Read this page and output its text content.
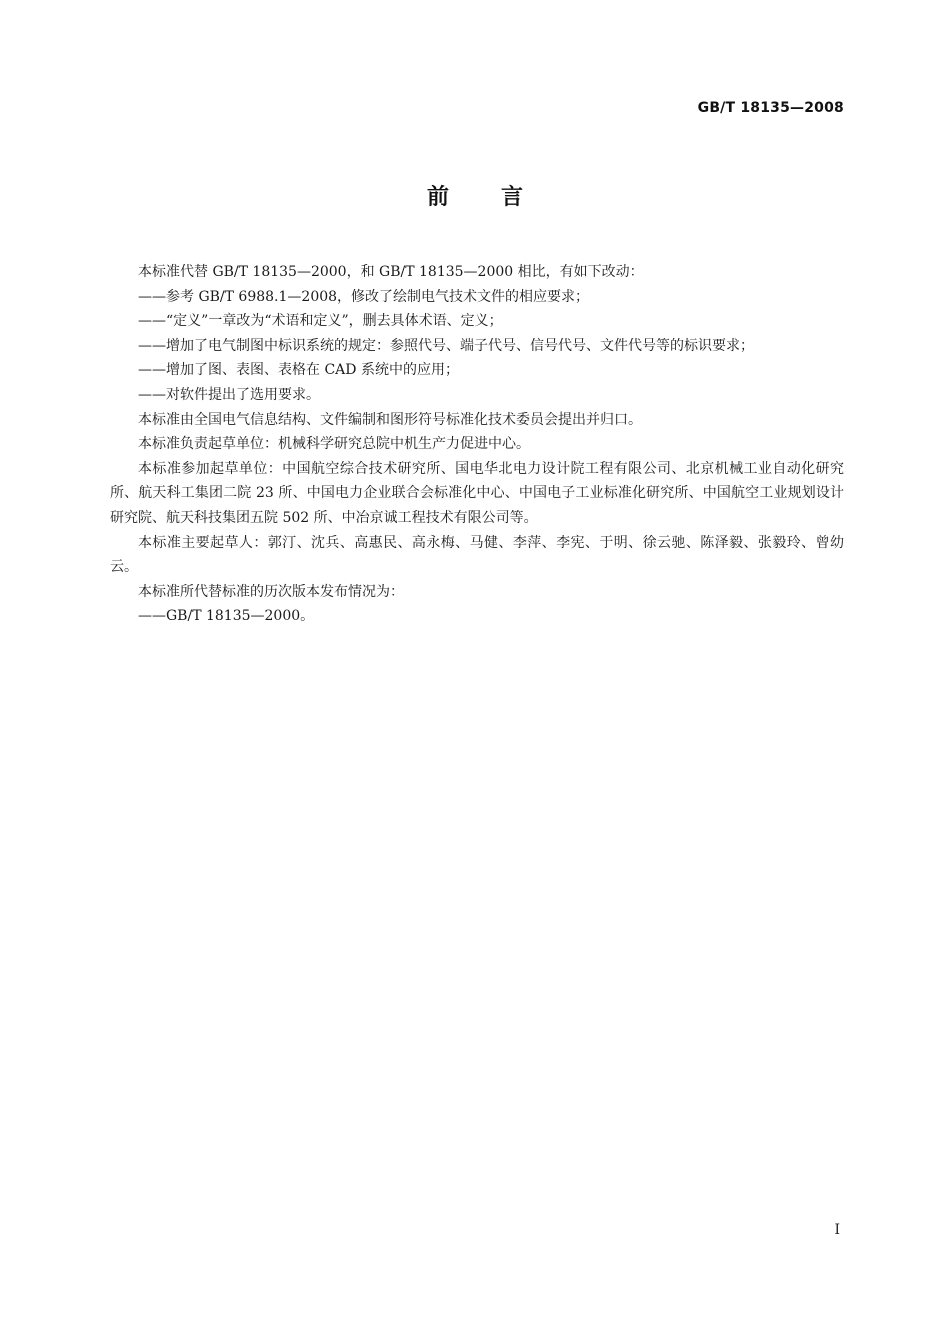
GB/T 18135—2008
前 言

本标准代替 GB/T 18135—2000，和 GB/T 18135—2000 相比，有如下改动：

——参考 GB/T 6988.1—2008，修改了绘制电气技术文件的相应要求；

——“定义”一章改为“术语和定义”，删去具体术语、定义；

——增加了电气制图中标识系统的规定：参照代号、端子代号、信号代号、文件代号等的标识要求；

——增加了图、表图、表格在 CAD 系统中的应用；

——对软件提出了选用要求。

本标准由全国电气信息结构、文件编制和图形符号标准化技术委员会提出并归口。

本标准负责起草单位：机械科学研究总院中机生产力促进中心。

本标准参加起草单位：中国航空综合技术研究所、国电华北电力设计院工程有限公司、北京机械工业自动化研究所、航天科工集团二院 23 所、中国电力企业联合会标准化中心、中国电子工业标准化研究所、中国航空工业规划设计研究院、航天科技集团五院 502 所、中冶京诚工程技术有限公司等。

本标准主要起草人：郭汀、沈兵、高惠民、高永梅、马健、李萍、李宪、于明、徐云驰、陈泽毅、张毅玲、曾幼云。

本标准所代替标准的历次版本发布情况为：

——GB/T 18135—2000。

I
